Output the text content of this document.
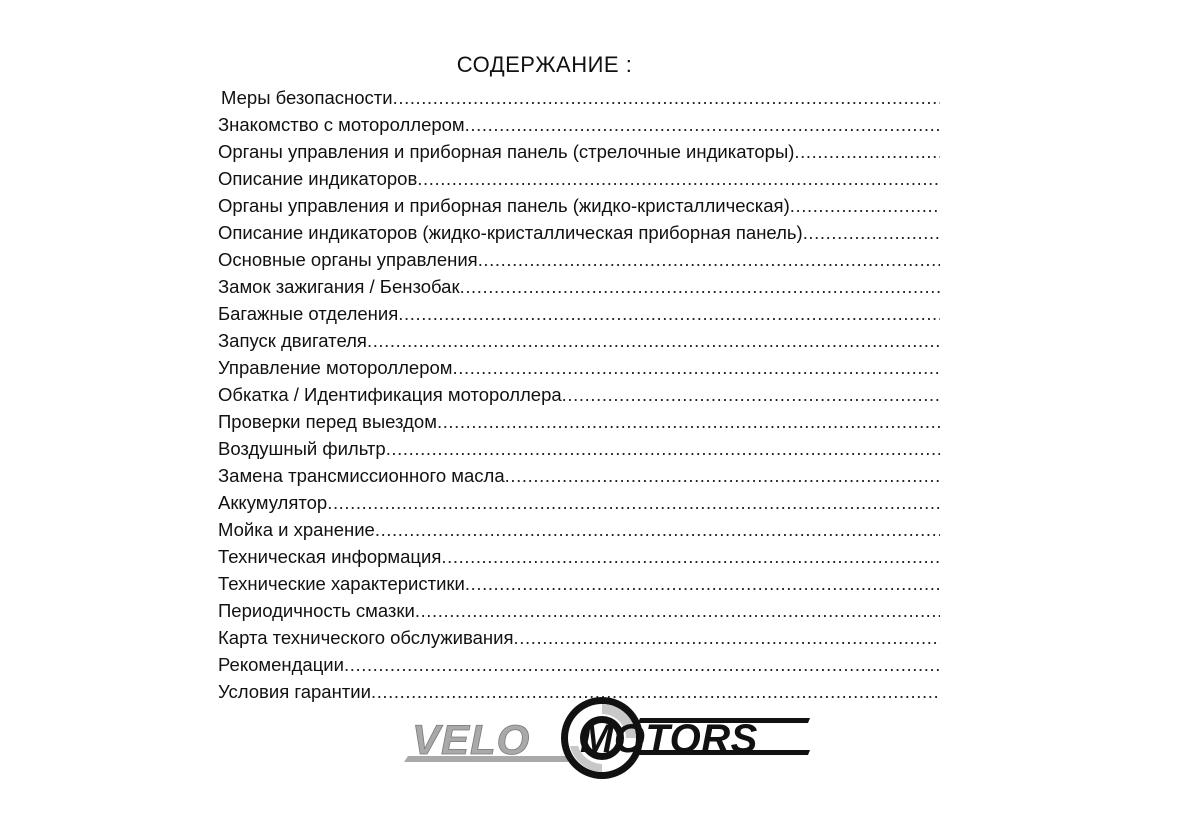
СОДЕРЖАНИЕ :
Меры безопасности
.....
Знакомство с мотороллером
.....
Органы управления и приборная панель (стрелочные индикаторы)
.....
Описание индикаторов
.....
Органы управления и приборная панель (жидко-кристаллическая)
.....
Описание индикаторов (жидко-кристаллическая приборная панель)
.....
Основные органы управления
.....
Замок зажигания / Бензобак
.....
Багажные отделения
.....
Запуск двигателя
.....
Управление мотороллером
.....
Обкатка / Идентификация мотороллера
.....
Проверки перед выездом
.....
Воздушный фильтр
.....
Замена трансмиссионного масла
.....
Аккумулятор
.....
Мойка и хранение
.....
Техническая информация
.....
Технические характеристики
.....
Периодичность смазки
.....
Карта технического обслуживания
.....
Рекомендации
.....
Условия гарантии
.....
VELO MOTORS
